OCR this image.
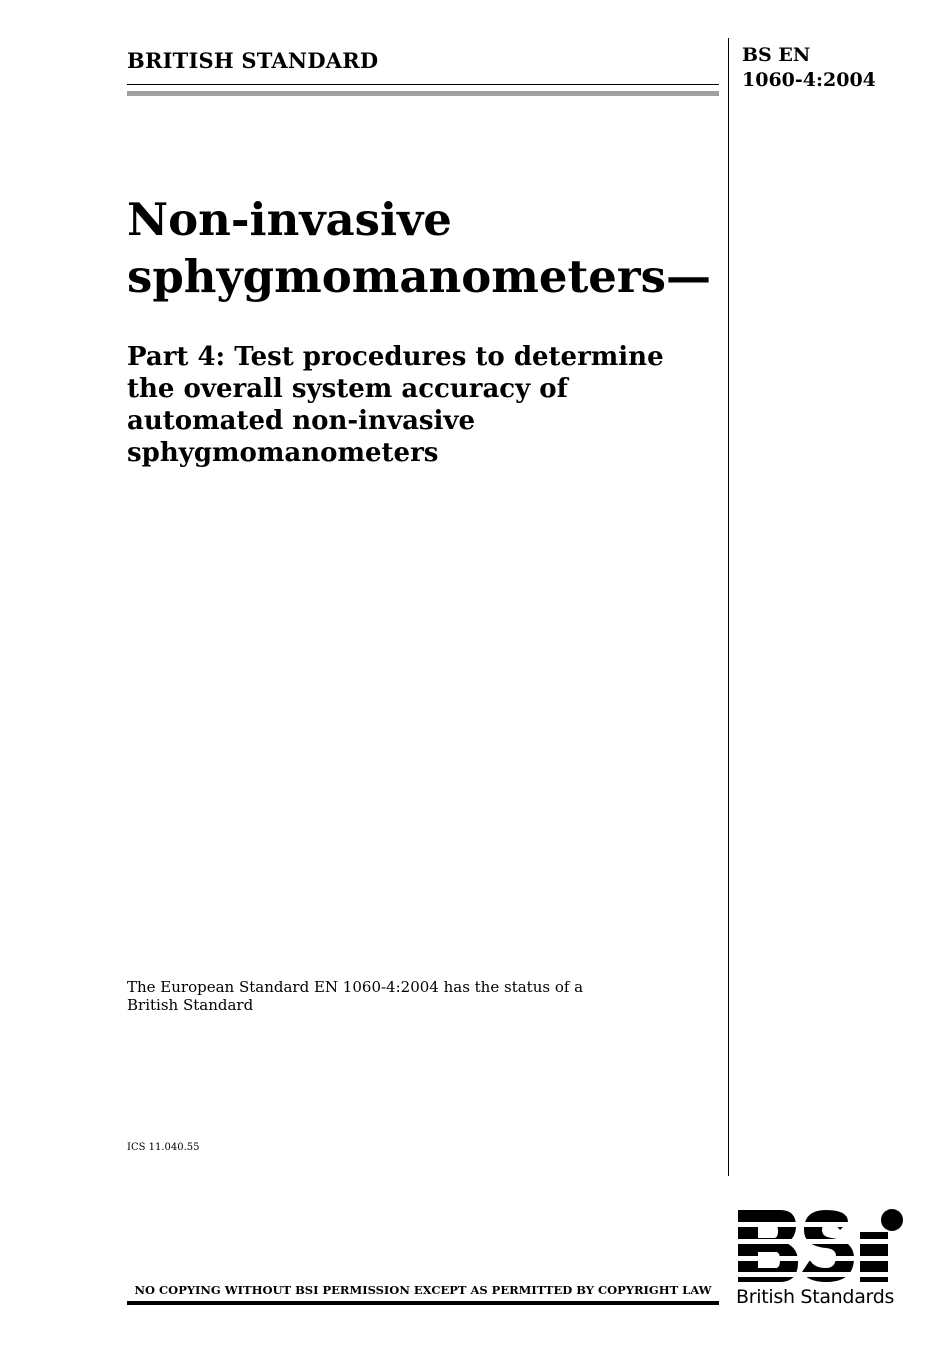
BRITISH STANDARD	BS EN
1060-4:2004
Non-invasive
sphygmomanometers—
Part 4: Test procedures to determine
the overall system accuracy of
automated non-invasive
sphygmomanometers
The European Standard EN 1060-4:2004 has the status of a
British Standard
ICS 11.040.55
NO COPYING WITHOUT BSI PERMISSION EXCEPT AS PERMITTED BY COPYRIGHT LAW	British Standards
